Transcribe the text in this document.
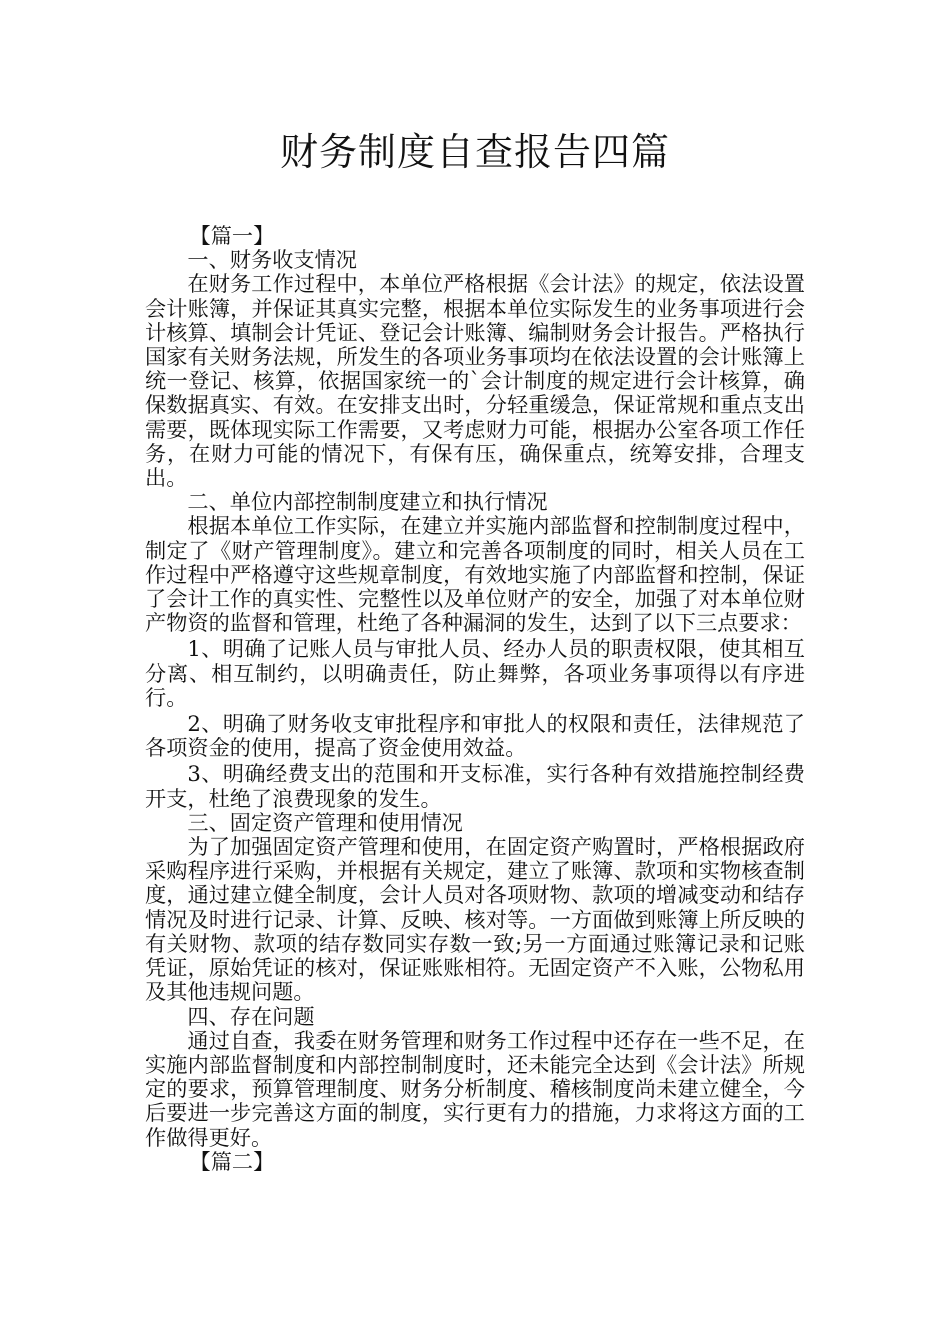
财务制度自查报告四篇

【篇一】

一、财务收支情况

在财务工作过程中，本单位严格根据《会计法》的规定，依法设置会计账簿，并保证其真实完整，根据本单位实际发生的业务事项进行会计核算、填制会计凭证、登记会计账簿、编制财务会计报告。严格执行国家有关财务法规，所发生的各项业务事项均在依法设置的会计账簿上统一登记、核算，依据国家统一的`会计制度的规定进行会计核算，确保数据真实、有效。在安排支出时，分轻重缓急，保证常规和重点支出需要，既体现实际工作需要，又考虑财力可能，根据办公室各项工作任务，在财力可能的情况下，有保有压，确保重点，统筹安排，合理支出。

二、单位内部控制制度建立和执行情况

根据本单位工作实际，在建立并实施内部监督和控制制度过程中，制定了《财产管理制度》。建立和完善各项制度的同时，相关人员在工作过程中严格遵守这些规章制度，有效地实施了内部监督和控制，保证了会计工作的真实性、完整性以及单位财产的安全，加强了对本单位财产物资的监督和管理，杜绝了各种漏洞的发生，达到了以下三点要求：

1、明确了记账人员与审批人员、经办人员的职责权限，使其相互分离、相互制约，以明确责任，防止舞弊，各项业务事项得以有序进行。

2、明确了财务收支审批程序和审批人的权限和责任，法律规范了各项资金的使用，提高了资金使用效益。

3、明确经费支出的范围和开支标准，实行各种有效措施控制经费开支，杜绝了浪费现象的发生。

三、固定资产管理和使用情况

为了加强固定资产管理和使用，在固定资产购置时，严格根据政府采购程序进行采购，并根据有关规定，建立了账簿、款项和实物核查制度，通过建立健全制度，会计人员对各项财物、款项的增减变动和结存情况及时进行记录、计算、反映、核对等。一方面做到账簿上所反映的有关财物、款项的结存数同实存数一致;另一方面通过账簿记录和记账凭证，原始凭证的核对，保证账账相符。无固定资产不入账，公物私用及其他违规问题。

四、存在问题

通过自查，我委在财务管理和财务工作过程中还存在一些不足，在实施内部监督制度和内部控制制度时，还未能完全达到《会计法》所规定的要求，预算管理制度、财务分析制度、稽核制度尚未建立健全，今后要进一步完善这方面的制度，实行更有力的措施，力求将这方面的工作做得更好。

【篇二】
